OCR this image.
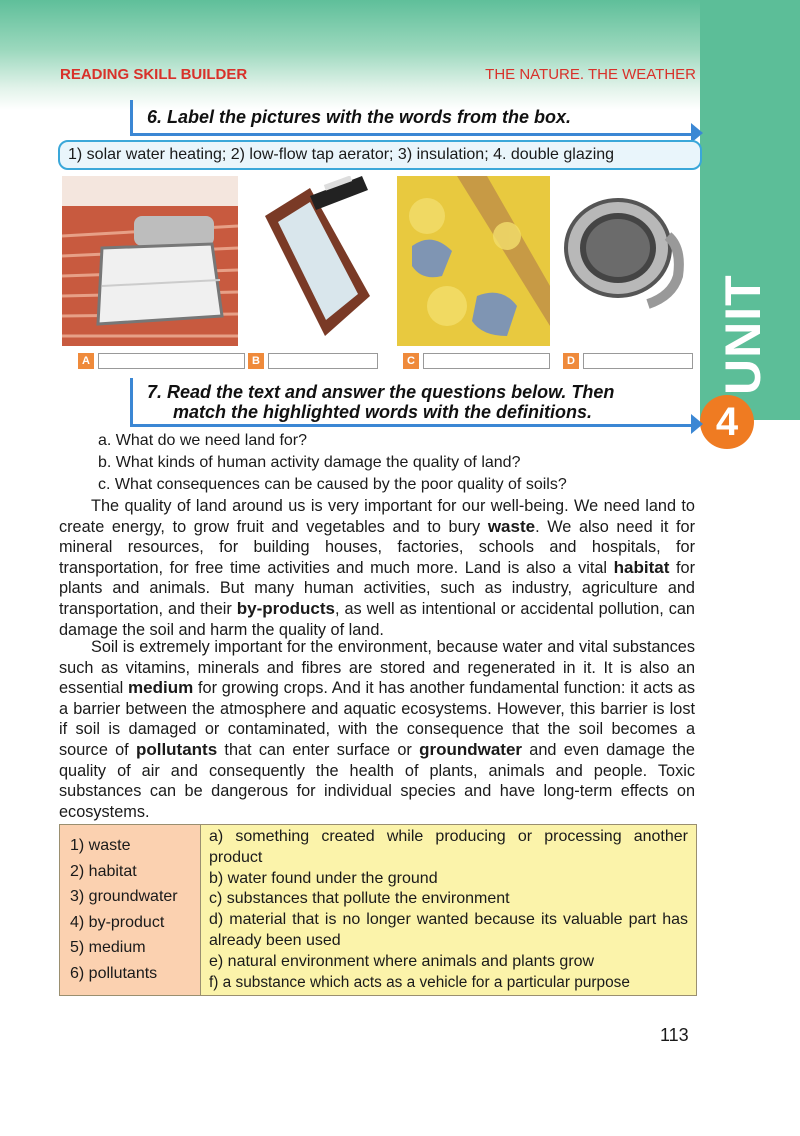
UNIT
4
READING SKILL BUILDER	THE NATURE. THE WEATHER
6. Label the pictures with the words from the box.
1) solar water heating; 2) low-flow tap aerator; 3) insulation; 4. double glazing
A	B	C	D
7. Read the text and answer the questions below. Then
match the highlighted words with the definitions.
a. What do we need land for?
b. What kinds of human activity damage the quality of land?
c. What consequences can be caused by the poor quality of soils?
The quality of land around us is very important for our well-being. We need land to create energy, to grow fruit and vegetables and to bury waste. We also need it for mineral resources, for building houses, factories, schools and hospitals, for transportation, for free time activities and much more. Land is also a vital habitat for plants and animals. But many human activities, such as industry, agriculture and transportation, and their by-products, as well as intentional or accidental pollution, can damage the soil and harm the quality of land.
Soil is extremely important for the environment, because water and vital substances such as vitamins, minerals and fibres are stored and regenerated in it. It is also an essential medium for growing crops. And it has another fundamental function: it acts as a barrier between the atmosphere and aquatic ecosystems. However, this barrier is lost if soil is damaged or contaminated, with the consequence that the soil becomes a source of pollutants that can enter surface or groundwater and even damage the quality of air and consequently the health of plants, animals and people. Toxic substances can be dangerous for individual species and have long-term effects on ecosystems.
1) waste
2) habitat
3) groundwater
4) by-product
5) medium
6) pollutants
a) something created while producing or processing another product
b) water found under the ground
c) substances that pollute the environment
d) material that is no longer wanted because its valuable part has already been used
e) natural environment where animals and plants grow
f) a substance which acts as a vehicle for a particular purpose
113
